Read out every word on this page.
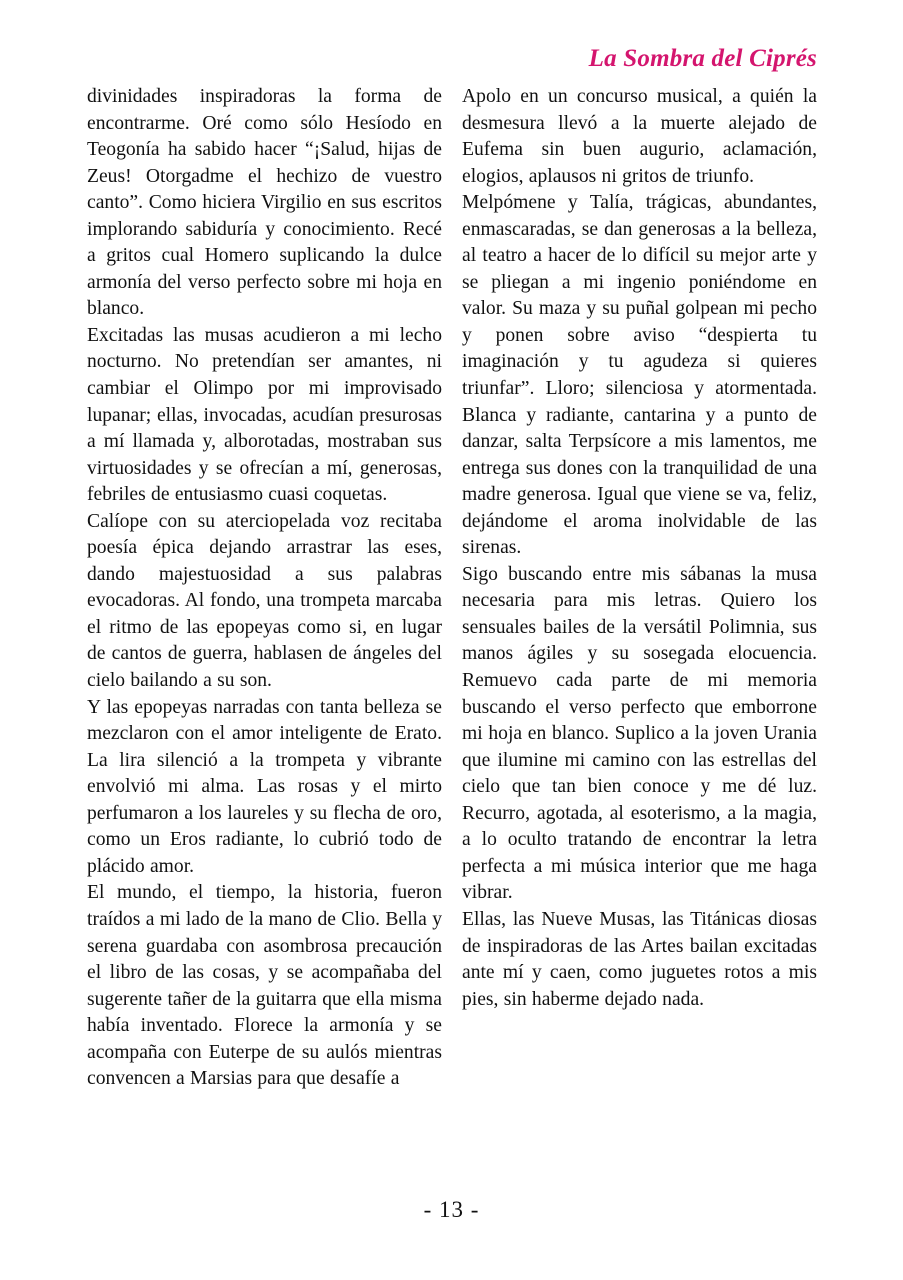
La Sombra del Ciprés

divinidades inspiradoras la forma de encontrarme. Oré como sólo Hesíodo en Teogonía ha sabido hacer “¡Salud, hijas de Zeus! Otorgadme el hechizo de vuestro canto”. Como hiciera Virgilio en sus escritos implorando sabiduría y conocimiento. Recé a gritos cual Homero suplicando la dulce armonía del verso perfecto sobre mi hoja en blanco.

Excitadas las musas acudieron a mi lecho nocturno. No pretendían ser amantes, ni cambiar el Olimpo por mi improvisado lupanar; ellas, invocadas, acudían presurosas a mí llamada y, alborotadas, mostraban sus virtuosidades y se ofrecían a mí, generosas, febriles de entusiasmo cuasi coquetas.

Calíope con su aterciopelada voz recitaba poesía épica dejando arrastrar las eses, dando majestuosidad a sus palabras evocadoras. Al fondo, una trompeta marcaba el ritmo de las epopeyas como si, en lugar de cantos de guerra, hablasen de ángeles del cielo bailando a su son.

Y las epopeyas narradas con tanta belleza se mezclaron con el amor inteligente de Erato. La lira silenció a la trompeta y vibrante envolvió mi alma. Las rosas y el mirto perfumaron a los laureles y su flecha de oro, como un Eros radiante, lo cubrió todo de plácido amor.

El mundo, el tiempo, la historia, fueron traídos a mi lado de la mano de Clio. Bella y serena guardaba con asombrosa precaución el libro de las cosas, y se acompañaba del sugerente tañer de la guitarra que ella misma había inventado. Florece la armonía y se acompaña con Euterpe de su aulós mientras convencen a Marsias para que desafíe a

Apolo en un concurso musical, a quién la desmesura llevó a la muerte alejado de Eufema sin buen augurio, aclamación, elogios, aplausos ni gritos de triunfo.

Melpómene y Talía, trágicas, abundantes, enmascaradas, se dan generosas a la belleza, al teatro a hacer de lo difícil su mejor arte y se pliegan a mi ingenio poniéndome en valor. Su maza y su puñal golpean mi pecho y ponen sobre aviso “despierta tu imaginación y tu agudeza si quieres triunfar”. Lloro; silenciosa y atormentada. Blanca y radiante, cantarina y a punto de danzar, salta Terpsícore a mis lamentos, me entrega sus dones con la tranquilidad de una madre generosa. Igual que viene se va, feliz, dejándome el aroma inolvidable de las sirenas.

Sigo buscando entre mis sábanas la musa necesaria para mis letras. Quiero los sensuales bailes de la versátil Polimnia, sus manos ágiles y su sosegada elocuencia. Remuevo cada parte de mi memoria buscando el verso perfecto que emborrone mi hoja en blanco. Suplico a la joven Urania que ilumine mi camino con las estrellas del cielo que tan bien conoce y me dé luz. Recurro, agotada, al esoterismo, a la magia, a lo oculto tratando de encontrar la letra perfecta a mi música interior que me haga vibrar.

Ellas, las Nueve Musas, las Titánicas diosas de inspiradoras de las Artes bailan excitadas ante mí y caen, como juguetes rotos a mis pies, sin haberme dejado nada.

- 13 -
